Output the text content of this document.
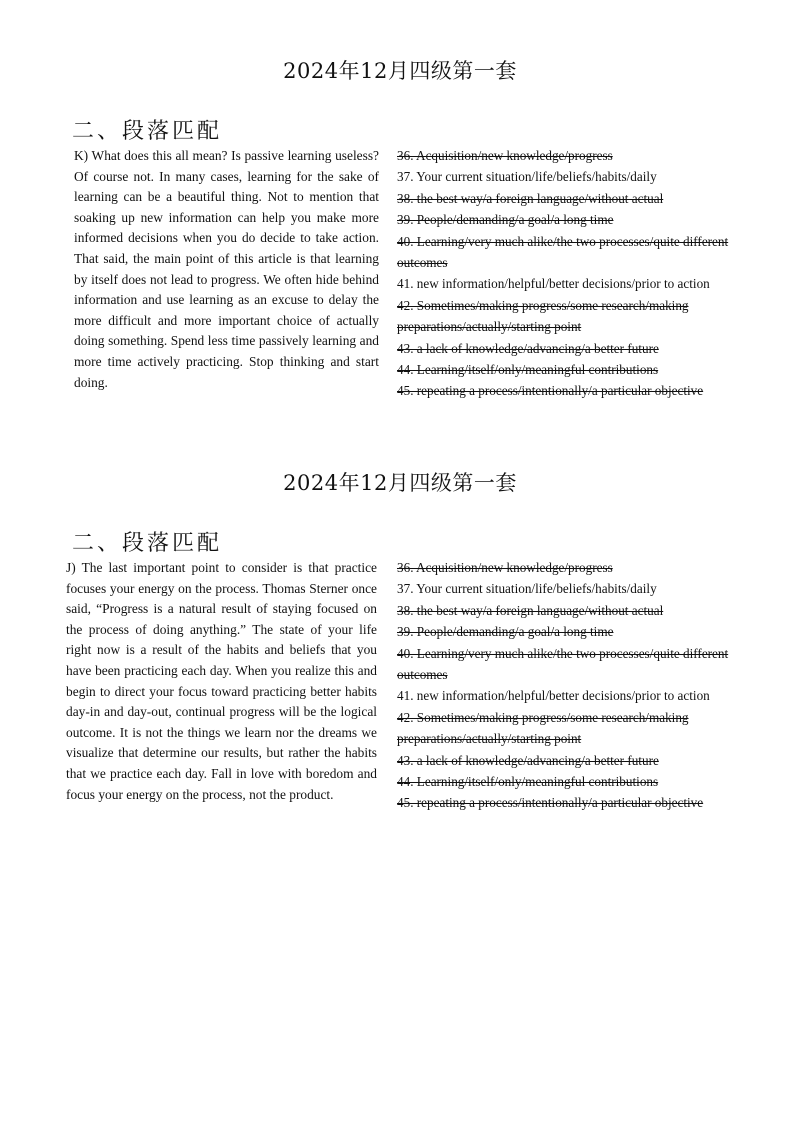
2024年12月四级第一套
二、段落匹配
K) What does this all mean? Is passive learning useless? Of course not. In many cases, learning for the sake of learning can be a beautiful thing. Not to mention that soaking up new information can help you make more informed decisions when you do decide to take action. That said, the main point of this article is that learning by itself does not lead to progress. We often hide behind information and use learning as an excuse to delay the more difficult and more important choice of actually doing something. Spend less time passively learning and more time actively practicing. Stop thinking and start doing.
36. Acquisition/new knowledge/progress
37. Your current situation/life/beliefs/habits/daily
38. the best way/a foreign language/without actual
39. People/demanding/a goal/a long time
40. Learning/very much alike/the two processes/quite different outcomes
41. new information/helpful/better decisions/prior to action
42. Sometimes/making progress/some research/making preparations/actually/starting point
43. a lack of knowledge/advancing/a better future
44. Learning/itself/only/meaningful contributions
45. repeating a process/intentionally/a particular objective
2024年12月四级第一套
二、段落匹配
J) The last important point to consider is that practice focuses your energy on the process. Thomas Sterner once said, “Progress is a natural result of staying focused on the process of doing anything.” The state of your life right now is a result of the habits and beliefs that you have been practicing each day. When you realize this and begin to direct your focus toward practicing better habits day-in and day-out, continual progress will be the logical outcome. It is not the things we learn nor the dreams we visualize that determine our results, but rather the habits that we practice each day. Fall in love with boredom and focus your energy on the process, not the product.
36. Acquisition/new knowledge/progress
37. Your current situation/life/beliefs/habits/daily
38. the best way/a foreign language/without actual
39. People/demanding/a goal/a long time
40. Learning/very much alike/the two processes/quite different outcomes
41. new information/helpful/better decisions/prior to action
42. Sometimes/making progress/some research/making preparations/actually/starting point
43. a lack of knowledge/advancing/a better future
44. Learning/itself/only/meaningful contributions
45. repeating a process/intentionally/a particular objective
